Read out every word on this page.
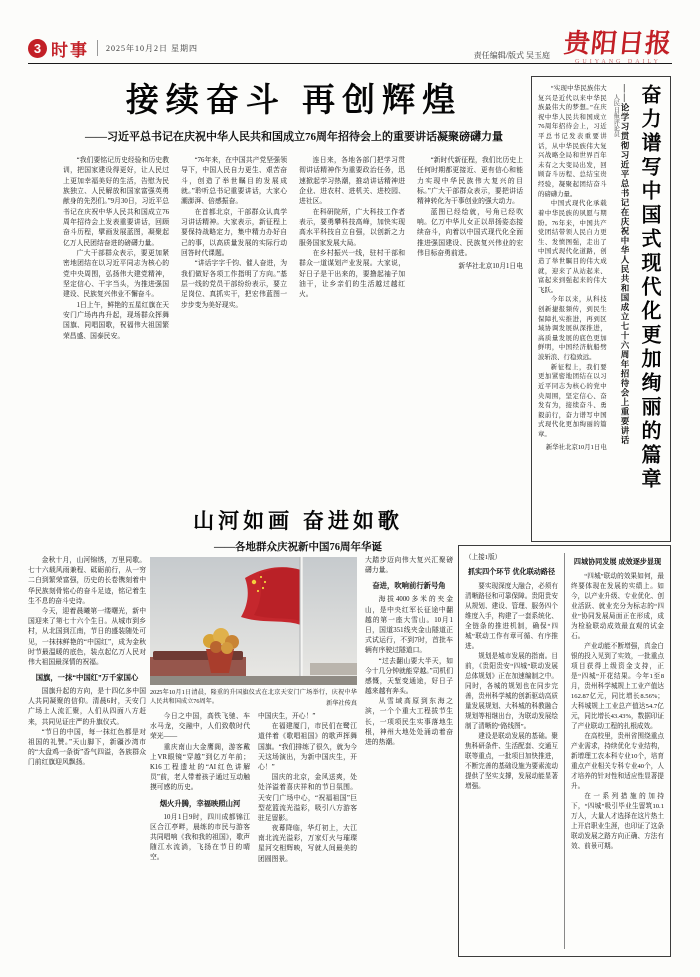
3 时事 2025年10月2日 星期四
责任编辑/版式 吴玉庭 贵阳日报
GUIYANG DAILY
接续奋斗 再创辉煌
——习近平总书记在庆祝中华人民共和国成立76周年招待会上的重要讲话凝聚磅礴力量
“我们要铭记历史经验和历史教训，把国家建设得更好，让人民过上更加幸福美好的生活，告慰为民族独立、人民解放和国家富强英勇献身的先烈们。”9月30日，习近平总书记在庆祝中华人民共和国成立76周年招待会上发表重要讲话，回顾奋斗历程，擘画发展蓝图，凝聚起亿万人民团结奋进的磅礴力量。
广大干部群众表示，要更加紧密地团结在以习近平同志为核心的党中央周围，弘扬伟大建党精神，坚定信心、干字当头，为推进强国建设、民族复兴伟业不懈奋斗。
1日上午，鲜艳的五星红旗在天安门广场冉冉升起，现场群众挥舞国旗、同唱国歌，祝福伟大祖国繁荣昌盛、国泰民安。
“76年来，在中国共产党坚强领导下，中国人民自力更生、艰苦奋斗，创造了举世瞩目的发展成就。”聆听总书记重要讲话，大家心潮澎湃、倍感振奋。
在首都北京，干部群众认真学习讲话精神。大家表示，新征程上要保持战略定力，集中精力办好自己的事，以高质量发展的实际行动回答时代课题。
“讲话字字千钧、催人奋进，为我们做好各项工作指明了方向。”基层一线的党员干部纷纷表示，要立足岗位、真抓实干，把宏伟蓝图一步步变为美好现实。
连日来，各地各部门把学习贯彻讲话精神作为重要政治任务，迅速掀起学习热潮，推动讲话精神进企业、进农村、进机关、进校园、进社区。
在科研院所，广大科技工作者表示，要勇攀科技高峰，加快实现高水平科技自立自强，以创新之力服务国家发展大局。
在乡村振兴一线，驻村干部和群众一道谋划产业发展。大家说，好日子是干出来的，要撸起袖子加油干，让乡亲们的生活越过越红火。
“新时代新征程，我们比历史上任何时期都更接近、更有信心和能力实现中华民族伟大复兴的目标。”广大干部群众表示，要把讲话精神转化为干事创业的强大动力。
蓝图已经绘就，号角已经吹响。亿万中华儿女正以昂扬姿态接续奋斗，向着以中国式现代化全面推进强国建设、民族复兴伟业的宏伟目标奋勇前进。
新华社北京10月1日电
“实现中华民族伟大复兴是近代以来中华民族最伟大的梦想。”在庆祝中华人民共和国成立76周年招待会上，习近平总书记发表重要讲话，从中华民族伟大复兴战略全局和世界百年未有之大变局出发，回顾奋斗历程、总结宝贵经验，凝聚起团结奋斗的磅礴力量。
中国式现代化承载着中华民族的夙愿与期盼。76年来，中国共产党团结带领人民自力更生、发愤图强，走出了中国式现代化道路，创造了举世瞩目的伟大成就，迎来了从站起来、富起来到强起来的伟大飞跃。
今年以来，从科技创新捷报频传，到民生保障扎实推进，再到区域协调发展纵深推进，高质量发展的底色更加鲜明，中国经济航船劈波斩浪、行稳致远。
新征程上，我们要更加紧密地团结在以习近平同志为核心的党中央周围，坚定信心、奋发有为，接续奋斗、勇毅前行，奋力谱写中国式现代化更加绚丽的篇章。
新华社北京10月1日电
——论学习贯彻习近平总书记在庆祝中华人民共和国成立七十六周年招待会上重要讲话
人民日报评论员 奋力谱写中国式现代化更加绚丽的篇章
山河如画 奋进如歌
——各地群众庆祝新中国76周年华诞
金秋十月，山河锦绣，万里同歌。七十六载风雨兼程、砥砺前行，从一穷二白到繁荣富强，历史的长卷镌刻着中华民族刻骨铭心的奋斗足迹，铭记着生生不息的奋斗史诗。
今天，迎着晨曦第一缕曙光，新中国迎来了第七十六个生日。从城市到乡村，从北国到江南，节日的盛装随处可见，一抹抹鲜艳的“中国红”，成为金秋时节最温暖的底色，装点起亿万人民对伟大祖国最深情的祝福。
国旗，一抹“中国红”万千家国心
国旗升起的方向，是十四亿多中国人共同凝聚的信仰。清晨6时，天安门广场上人流汇聚，人们从四面八方赶来，共同见证庄严的升旗仪式。
“节日的中国，每一抹红色都是对祖国的礼赞。”天山脚下，新疆沙湾市的“大盘鸡一条街”香气四溢，各族群众门前红旗迎风飘扬。
2025年10月1日清晨，隆重的升国旗仪式在北京天安门广场举行，庆祝中华人民共和国成立76周年。	新华社传真
今日之中国，高铁飞驰、车水马龙，交融中，人们致敬时代荣光——
重庆南山大金鹰阁，游客戴上VR眼镜“穿越”到亿万年前；K16工程遗址的“AI红色讲解员”前，老人带着孩子通过互动触摸可感的历史。
烟火升腾，幸福映照山河
10月1日9时，四川成都锦江区合江亭畔，晨练的市民与游客共同唱响《我和我的祖国》，歌声随江水流淌，飞扬在节日的晴空。
中国庆生，开心！”
在福建厦门，市民们在鹭江道伴着《歌唱祖国》的歌声挥舞国旗。“我们排练了很久，就为今天这场演出，为新中国庆生，开心！”
国庆的北京，金风送爽，处处洋溢着喜庆祥和的节日氛围。天安门广场中心，“祝福祖国”巨型花篮流光溢彩，吸引八方游客驻足留影。
夜幕降临，华灯初上，大江南北流光溢彩，万家灯火与璀璨星河交相辉映，写就人间最美的团圆图景。
大踏步迈向伟大复兴汇聚磅礴力量。
奋进，吹响前行新号角
海拔4000多米的夹金山，是中央红军长征途中翻越的第一座大雪山。10月1日，国道351线夹金山隧道正式试运行，不到7时，首批车辆有序驶过隧道口。
“过去翻山要大半天，如今十几分钟就能穿越。”司机们感慨，天堑变通途，好日子越来越有奔头。
从雪域高原到东海之滨，一个个重大工程拔节生长，一项项民生实事落地生根，神州大地处处涌动着奋进的热潮。
（上接1版）
抓实四个环节 优化联动路径
要实现深度大融合，必须有清晰路径和可靠保障。贵阳贵安从规划、建设、管理、服务四个维度入手，构建了一套系统化、全链条的推进机制，确保“四城”联动工作有章可循、有序推进。
规划是城市发展的指南。目前，《贵阳贵安“四城”联动发展总体规划》正在加速编制之中。同时，各城的规划也在同步完善，贵州科学城的创新驱动高质量发展规划、大科城的科教融合规划等相继出台，为联动发展绘制了清晰的“路线图”。
建设是联动发展的基础。聚焦科研条件、生活配套、交通互联等重点，一批项目加快推进，不断完善的基础设施为要素流动提供了坚实支撑，发展动能显著增强。
四城协同发展 成效逐步显现
“四城”联动的效果如何，最终要体现在发展的实绩上。如今，以产业升级、专业优化、创业活跃、就业充分为标志的“四业”协同发展局面正在形成，成为检验联动成效最直观的试金石。
产业动能不断增强，真金白银的投入见到了实效，一批重点项目获得上级资金支持，正是“四城”开花结果。今年1至8月，贵州科学城规上工业产值达162.87亿元，同比增长8.56%；大科城规上工业总产值达54.7亿元，同比增长43.43%，数据印证了产业联动工程的扎根成效。
在高校里，贵州省围绕重点产业需求，持续优化专业结构，新增理工农本科专业10个，培育重点产业相关专科专业40个，人才培养的针对性和适应性显著提升。
在一系列措施的加持下，“四城”吸引毕业生留筑10.1万人，大量人才选择在这片热土上开启职业生涯，也印证了这条联动发展之路方向正确、方法有效、前景可期。
